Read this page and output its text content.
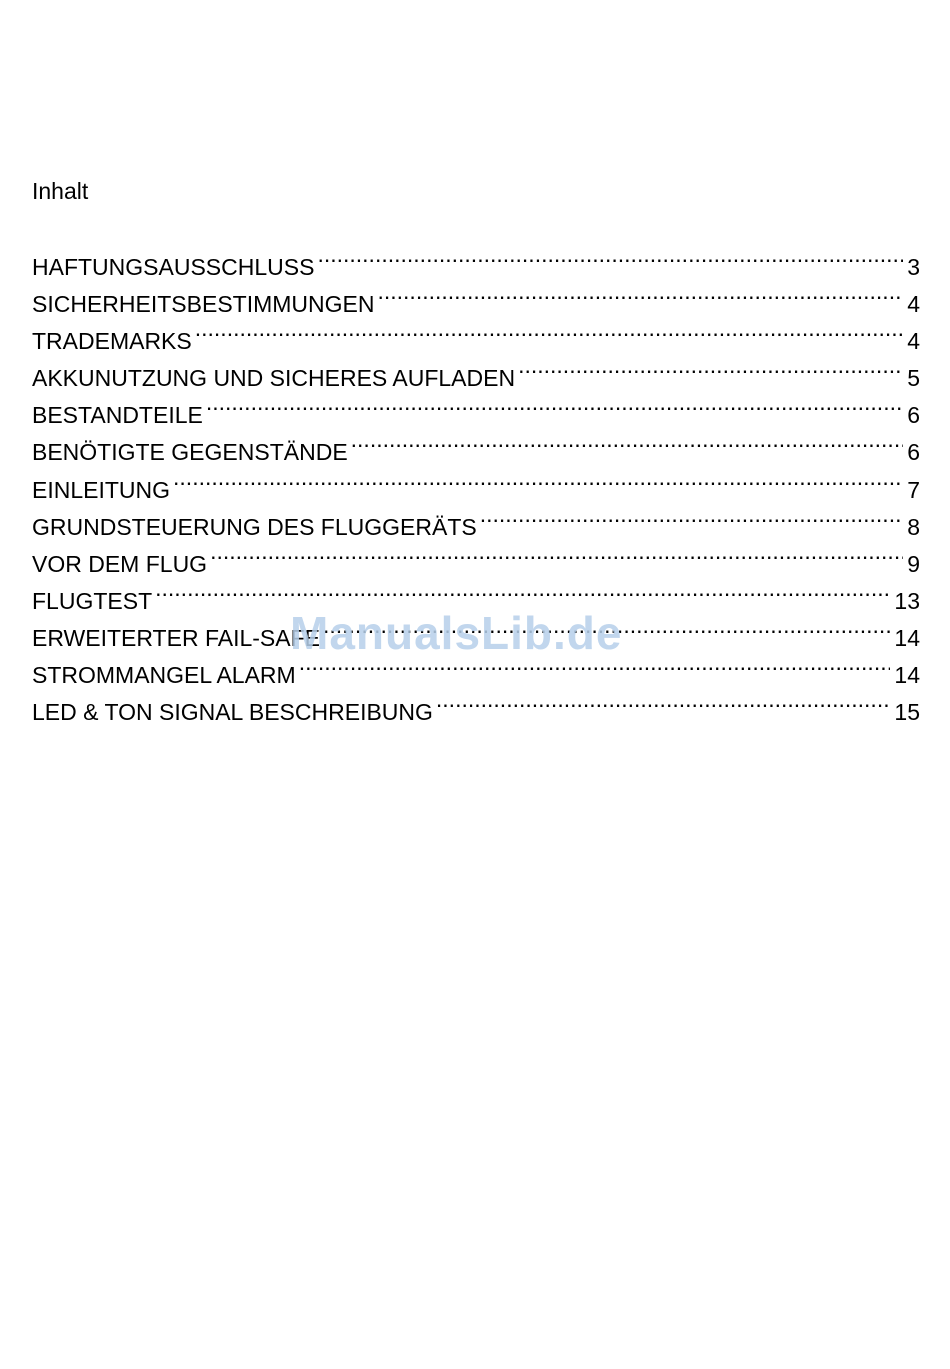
Inhalt
HAFTUNGSAUSSCHLUSS .....	3
SICHERHEITSBESTIMMUNGEN .....	4
TRADEMARKS .....	4
AKKUNUTZUNG UND SICHERES AUFLADEN .....	5
BESTANDTEILE .....	6
BENÖTIGTE GEGENSTÄNDE .....	6
EINLEITUNG .....	7
GRUNDSTEUERUNG DES FLUGGERÄTS .....	8
VOR DEM FLUG .....	9
FLUGTEST .....	13
ERWEITERTER FAIL-SAFE .....	14
STROMMANGEL ALARM .....	14
LED & TON SIGNAL BESCHREIBUNG .....	15
ManualsLib.de
